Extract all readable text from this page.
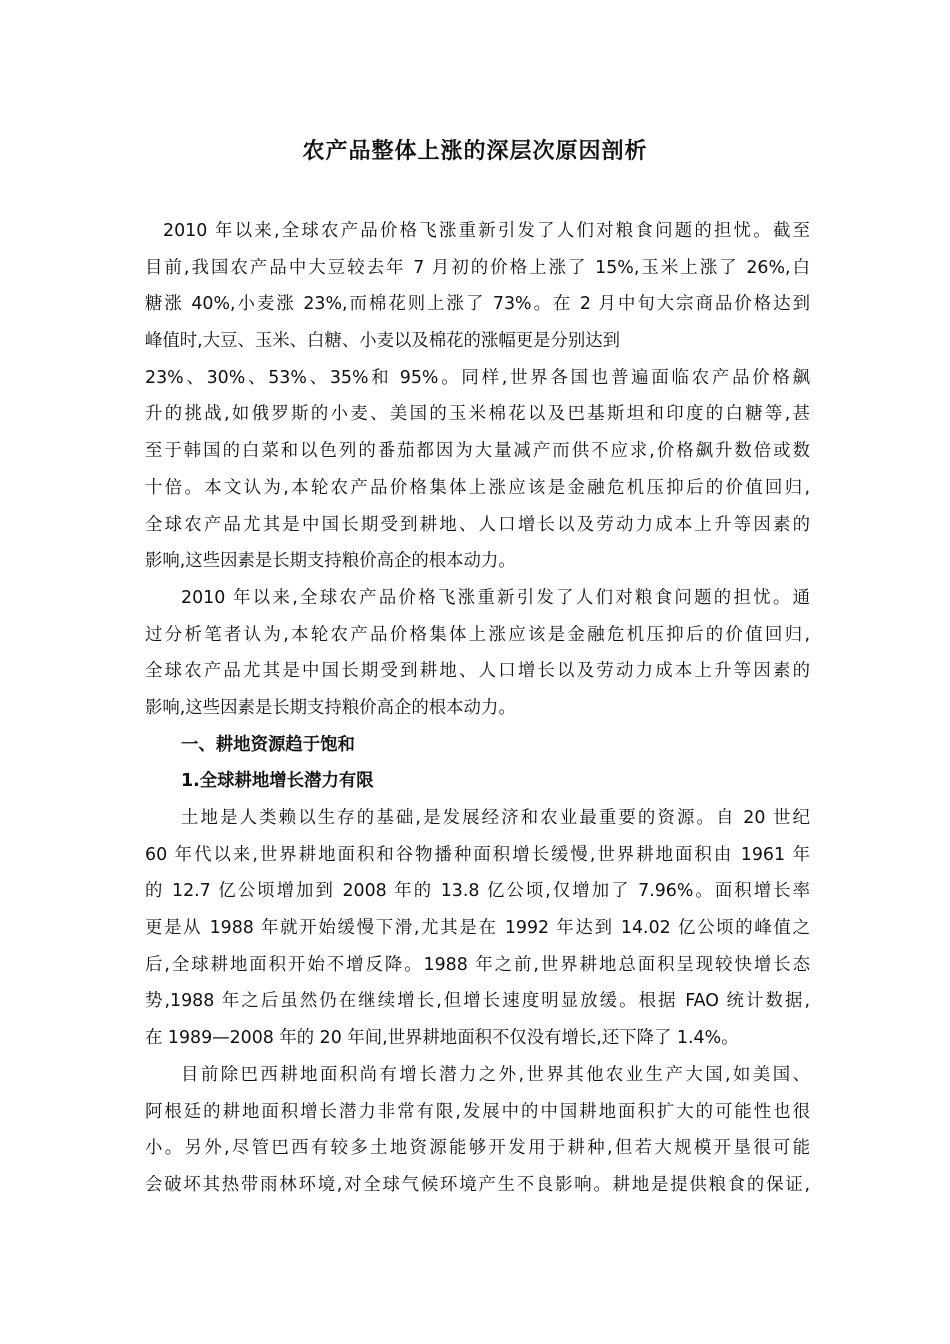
农产品整体上涨的深层次原因剖析
2010 年以来,全球农产品价格飞涨重新引发了人们对粮食问题的担忧。截至
目前,我国农产品中大豆较去年 7 月初的价格上涨了 15%,玉米上涨了 26%,白
糖涨 40%,小麦涨 23%,而棉花则上涨了 73%。在 2 月中旬大宗商品价格达到
峰值时,大豆、玉米、白糖、小麦以及棉花的涨幅更是分别达到
23%、30%、53%、35%和 95%。同样,世界各国也普遍面临农产品价格飙
升的挑战,如俄罗斯的小麦、美国的玉米棉花以及巴基斯坦和印度的白糖等,甚
至于韩国的白菜和以色列的番茄都因为大量减产而供不应求,价格飙升数倍或数
十倍。本文认为,本轮农产品价格集体上涨应该是金融危机压抑后的价值回归,
全球农产品尤其是中国长期受到耕地、人口增长以及劳动力成本上升等因素的
影响,这些因素是长期支持粮价高企的根本动力。
2010 年以来,全球农产品价格飞涨重新引发了人们对粮食问题的担忧。通
过分析笔者认为,本轮农产品价格集体上涨应该是金融危机压抑后的价值回归,
全球农产品尤其是中国长期受到耕地、人口增长以及劳动力成本上升等因素的
影响,这些因素是长期支持粮价高企的根本动力。
一、耕地资源趋于饱和
1.全球耕地增长潜力有限
土地是人类赖以生存的基础,是发展经济和农业最重要的资源。自 20 世纪
60 年代以来,世界耕地面积和谷物播种面积增长缓慢,世界耕地面积由 1961 年
的 12.7 亿公顷增加到 2008 年的 13.8 亿公顷,仅增加了 7.96%。面积增长率
更是从 1988 年就开始缓慢下滑,尤其是在 1992 年达到 14.02 亿公顷的峰值之
后,全球耕地面积开始不增反降。1988 年之前,世界耕地总面积呈现较快增长态
势,1988 年之后虽然仍在继续增长,但增长速度明显放缓。根据 FAO 统计数据,
在 1989—2008 年的 20 年间,世界耕地面积不仅没有增长,还下降了 1.4%。
目前除巴西耕地面积尚有增长潜力之外,世界其他农业生产大国,如美国、
阿根廷的耕地面积增长潜力非常有限,发展中的中国耕地面积扩大的可能性也很
小。另外,尽管巴西有较多土地资源能够开发用于耕种,但若大规模开垦很可能
会破坏其热带雨林环境,对全球气候环境产生不良影响。耕地是提供粮食的保证,
